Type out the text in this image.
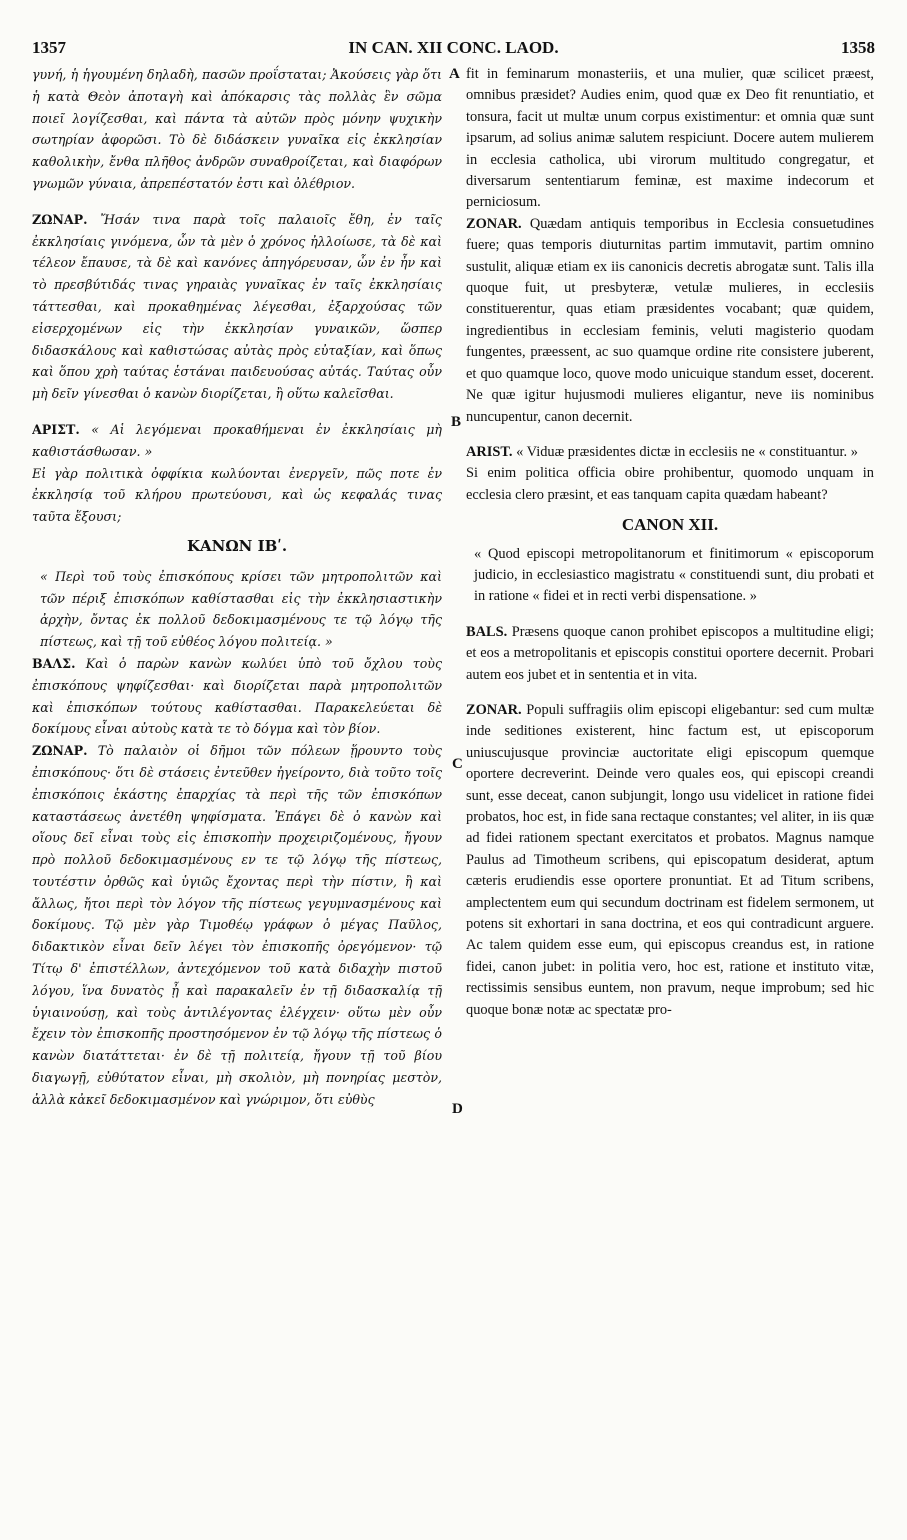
1357	IN CAN. XII CONC. LAOD.	1358
A
B
C
D

γυνή, ἡ ἡγουμένη δηλαδὴ, πασῶν προΐσταται; Ἀκούσεις γὰρ ὅτι ἡ κατὰ Θεὸν ἀποταγὴ καὶ ἀπόκαρσις τὰς πολλὰς ἓν σῶμα ποιεῖ λογίζεσθαι, καὶ πάντα τὰ αὐτῶν πρὸς μόνην ψυχικὴν σωτηρίαν ἀφορῶσι. Τὸ δὲ διδάσκειν γυναῖκα εἰς ἐκκλησίαν καθολικὴν, ἔνθα πλῆθος ἀνδρῶν συναθροίζεται, καὶ διαφόρων γνωμῶν γύναια, ἀπρεπέστατόν ἐστι καὶ ὀλέθριον.

ΖΩΝΑΡ. Ἤσάν τινα παρὰ τοῖς παλαιοῖς ἔθη, ἐν ταῖς ἐκκλησίαις γινόμενα, ὧν τὰ μὲν ὁ χρόνος ἠλλοίωσε, τὰ δὲ καὶ τέλεον ἔπαυσε, τὰ δὲ καὶ κανόνες ἀπηγόρευσαν, ὧν ἐν ἦν καὶ τὸ πρεσβύτιδάς τινας γηραιὰς γυναῖκας ἐν ταῖς ἐκκλησίαις τάττεσθαι, καὶ προκαθημένας λέγεσθαι, ἐξαρχούσας τῶν εἰσερχομένων εἰς τὴν ἐκκλησίαν γυναικῶν, ὥσπερ διδασκάλους καὶ καθιστώσας αὐτὰς πρὸς εὐταξίαν, καὶ ὅπως καὶ ὅπου χρὴ ταύτας ἑστάναι παιδευούσας αὐτάς. Ταύτας οὖν μὴ δεῖν γίνεσθαι ὁ κανὼν διορίζεται, ἢ οὕτω καλεῖσθαι.

ΑΡΙΣΤ. « Αἱ λεγόμεναι προκαθήμεναι ἐν ἐκκλησίαις μὴ καθιστάσθωσαν. »

Εἰ γὰρ πολιτικὰ ὀφφίκια κωλύονται ἐνεργεῖν, πῶς ποτε ἐν ἐκκλησίᾳ τοῦ κλήρου πρωτεύουσι, καὶ ὡς κεφαλάς τινας ταῦτα ἕξουσι;

ΚΑΝΩΝ ΙΒʹ.

« Περὶ τοῦ τοὺς ἐπισκόπους κρίσει τῶν μητροπολιτῶν καὶ τῶν πέριξ ἐπισκόπων καθίστασθαι εἰς τὴν ἐκκλησιαστικὴν ἀρχὴν, ὄντας ἐκ πολλοῦ δεδοκιμασμένους τε τῷ λόγῳ τῆς πίστεως, καὶ τῇ τοῦ εὐθέος λόγου πολιτείᾳ. »

ΒΑΛΣ. Καὶ ὁ παρὼν κανὼν κωλύει ὑπὸ τοῦ ὄχλου τοὺς ἐπισκόπους ψηφίζεσθαι· καὶ διορίζεται παρὰ μητροπολιτῶν καὶ ἐπισκόπων τούτους καθίστασθαι. Παρακελεύεται δὲ δοκίμους εἶναι αὐτοὺς κατὰ τε τὸ δόγμα καὶ τὸν βίον.

ΖΩΝΑΡ. Τὸ παλαιὸν οἱ δῆμοι τῶν πόλεων ᾕρουντο τοὺς ἐπισκόπους· ὅτι δὲ στάσεις ἐντεῦθεν ἠγείροντο, διὰ τοῦτο τοῖς ἐπισκόποις ἑκάστης ἐπαρχίας τὰ περὶ τῆς τῶν ἐπισκόπων καταστάσεως ἀνετέθη ψηφίσματα. Ἐπάγει δὲ ὁ κανὼν καὶ οἵους δεῖ εἶναι τοὺς εἰς ἐπισκοπὴν προχειριζομένους, ἤγουν πρὸ πολλοῦ δεδοκιμασμένους εν τε τῷ λόγῳ τῆς πίστεως, τουτέστιν ὀρθῶς καὶ ὑγιῶς ἔχοντας περὶ τὴν πίστιν, ἢ καὶ ἄλλως, ἤτοι περὶ τὸν λόγον τῆς πίστεως γεγυμνασμένους καὶ δοκίμους. Τῷ μὲν γὰρ Τιμοθέῳ γράφων ὁ μέγας Παῦλος, διδακτικὸν εἶναι δεῖν λέγει τὸν ἐπισκοπῆς ὀρεγόμενον· τῷ Τίτῳ δ' ἐπιστέλλων, ἀντεχόμενον τοῦ κατὰ διδαχὴν πιστοῦ λόγου, ἵνα δυνατὸς ᾖ καὶ παρακαλεῖν ἐν τῇ διδασκαλίᾳ τῇ ὑγιαινούσῃ, καὶ τοὺς ἀντιλέγοντας ἐλέγχειν· οὕτω μὲν οὖν ἔχειν τὸν ἐπισκοπῆς προστησόμενον ἐν τῷ λόγῳ τῆς πίστεως ὁ κανὼν διατάττεται· ἐν δὲ τῇ πολιτείᾳ, ἤγουν τῇ τοῦ βίου διαγωγῇ, εὐθύτατον εἶναι, μὴ σκολιὸν, μὴ πονηρίας μεστὸν, ἀλλὰ κἀκεῖ δεδοκιμασμένον καὶ γνώριμον, ὅτι εὐθὺς

fit in feminarum monasteriis, et una mulier, quæ scilicet præest, omnibus præsidet? Audies enim, quod quæ ex Deo fit renuntiatio, et tonsura, facit ut multæ unum corpus existimentur: et omnia quæ sunt ipsarum, ad solius animæ salutem respiciunt. Docere autem mulierem in ecclesia catholica, ubi virorum multitudo congregatur, et diversarum sententiarum feminæ, est maxime indecorum et perniciosum.

ZONAR. Quædam antiquis temporibus in Ecclesia consuetudines fuere; quas temporis diuturnitas partim immutavit, partim omnino sustulit, aliquæ etiam ex iis canonicis decretis abrogatæ sunt. Talis illa quoque fuit, ut presbyteræ, vetulæ mulieres, in ecclesiis constituerentur, quas etiam præsidentes vocabant; quæ quidem, ingredientibus in ecclesiam feminis, veluti magisterio quodam fungentes, præessent, ac suo quamque ordine rite consistere juberent, et quo quamque loco, quove modo unicuique standum esset, docerent. Ne quæ igitur hujusmodi mulieres eligantur, neve iis nominibus nuncupentur, canon decernit.

ARIST. « Viduæ præsidentes dictæ in ecclesiis ne « constituantur. »

Si enim politica officia obire prohibentur, quomodo unquam in ecclesia clero præsint, et eas tanquam capita quædam habeant?

CANON XII.

« Quod episcopi metropolitanorum et finitimorum « episcoporum judicio, in ecclesiastico magistratu « constituendi sunt, diu probati et in ratione « fidei et in recti verbi dispensatione. »

BALS. Præsens quoque canon prohibet episcopos a multitudine eligi; et eos a metropolitanis et episcopis constitui oportere decernit. Probari autem eos jubet et in sententia et in vita.

ZONAR. Populi suffragiis olim episcopi eligebantur: sed cum multæ inde seditiones existerent, hinc factum est, ut episcoporum uniuscujusque provinciæ auctoritate eligi episcopum quemque oportere decreverint. Deinde vero quales eos, qui episcopi creandi sunt, esse deceat, canon subjungit, longo usu videlicet in ratione fidei probatos, hoc est, in fide sana rectaque constantes; vel aliter, in iis quæ ad fidei rationem spectant exercitatos et probatos. Magnus namque Paulus ad Timotheum scribens, qui episcopatum desiderat, aptum cæteris erudiendis esse oportere pronuntiat. Et ad Titum scribens, amplectentem eum qui secundum doctrinam est fidelem sermonem, ut potens sit exhortari in sana doctrina, et eos qui contradicunt arguere. Ac talem quidem esse eum, qui episcopus creandus est, in ratione fidei, canon jubet: in politia vero, hoc est, ratione et instituto vitæ, rectissimis sensibus euntem, non pravum, neque improbum; sed hic quoque bonæ notæ ac spectatæ pro-
